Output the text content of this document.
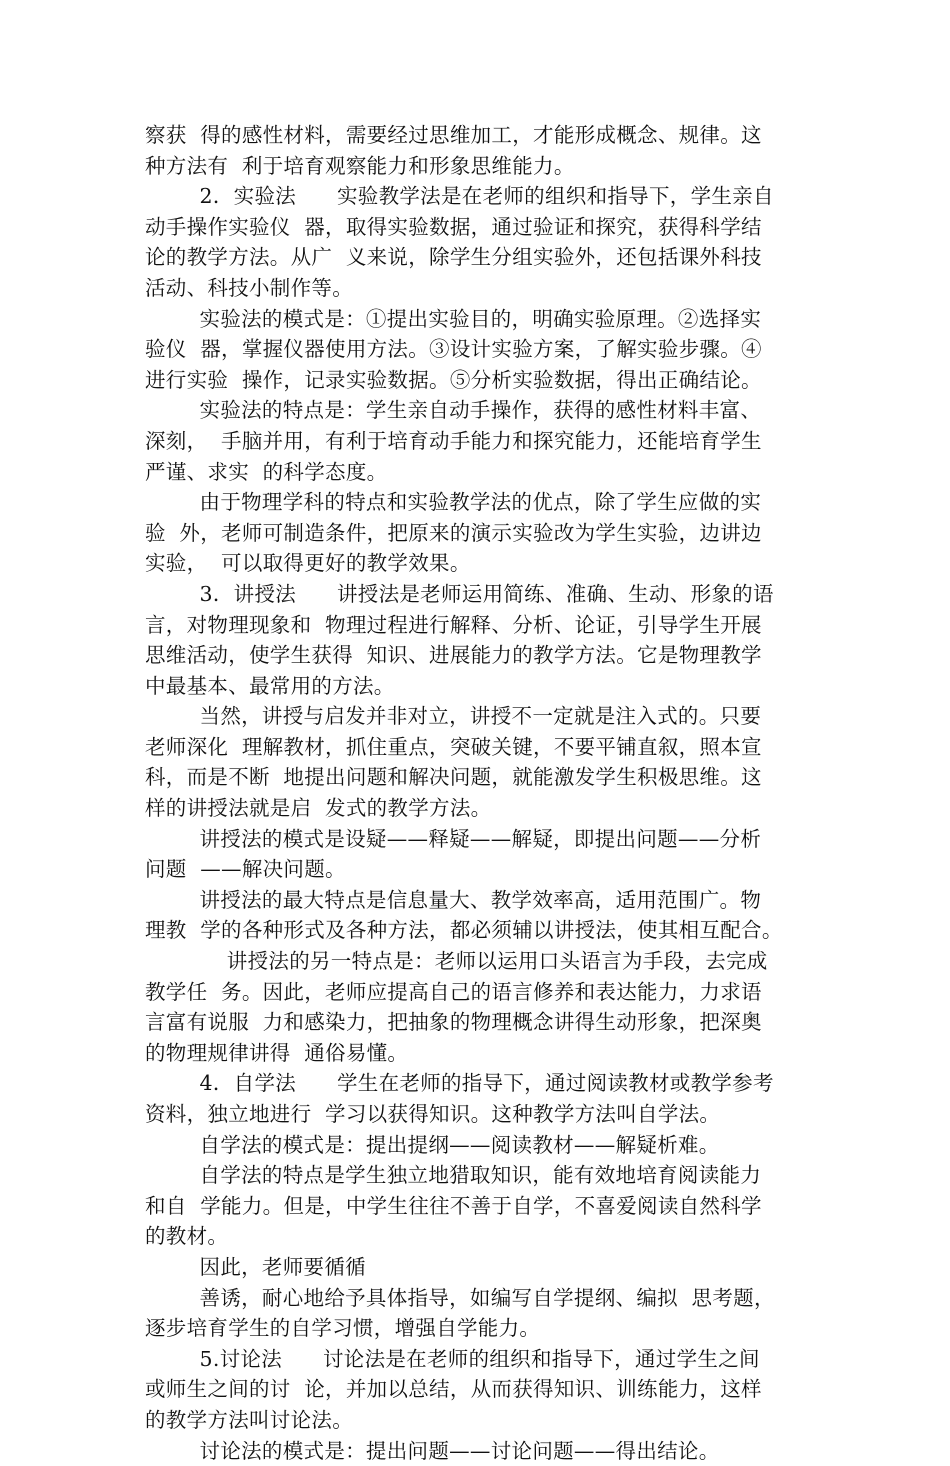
察获  得的感性材料，需要经过思维加工，才能形成概念、规律。这
种方法有  利于培育观察能力和形象思维能力。
2．实验法      实验教学法是在老师的组织和指导下，学生亲自
动手操作实验仪  器，取得实验数据，通过验证和探究，获得科学结
论的教学方法。从广  义来说，除学生分组实验外，还包括课外科技
活动、科技小制作等。
实验法的模式是：①提出实验目的，明确实验原理。②选择实
验仪  器，掌握仪器使用方法。③设计实验方案，了解实验步骤。④
进行实验  操作，记录实验数据。⑤分析实验数据，得出正确结论。
实验法的特点是：学生亲自动手操作，获得的感性材料丰富、
深刻，  手脑并用，有利于培育动手能力和探究能力，还能培育学生
严谨、求实  的科学态度。
由于物理学科的特点和实验教学法的优点，除了学生应做的实
验  外，老师可制造条件，把原来的演示实验改为学生实验，边讲边
实验，  可以取得更好的教学效果。
3．讲授法      讲授法是老师运用简练、准确、生动、形象的语
言，对物理现象和  物理过程进行解释、分析、论证，引导学生开展
思维活动，使学生获得  知识、进展能力的教学方法。它是物理教学
中最基本、最常用的方法。
当然，讲授与启发并非对立，讲授不一定就是注入式的。只要
老师深化  理解教材，抓住重点，突破关键，不要平铺直叙，照本宣
科，而是不断  地提出问题和解决问题，就能激发学生积极思维。这
样的讲授法就是启  发式的教学方法。
讲授法的模式是设疑——释疑——解疑，即提出问题——分析
问题  ——解决问题。
讲授法的最大特点是信息量大、教学效率高，适用范围广。物
理教  学的各种形式及各种方法，都必须辅以讲授法，使其相互配合。
讲授法的另一特点是：老师以运用口头语言为手段，去完成
教学任  务。因此，老师应提高自己的语言修养和表达能力，力求语
言富有说服  力和感染力，把抽象的物理概念讲得生动形象，把深奥
的物理规律讲得  通俗易懂。
4．自学法      学生在老师的指导下，通过阅读教材或教学参考
资料，独立地进行  学习以获得知识。这种教学方法叫自学法。
自学法的模式是：提出提纲——阅读教材——解疑析难。
自学法的特点是学生独立地猎取知识，能有效地培育阅读能力
和自  学能力。但是，中学生往往不善于自学，不喜爱阅读自然科学
的教材。
因此，老师要循循
善诱，耐心地给予具体指导，如编写自学提纲、编拟  思考题，
逐步培育学生的自学习惯，增强自学能力。
5.讨论法      讨论法是在老师的组织和指导下，通过学生之间
或师生之间的讨  论，并加以总结，从而获得知识、训练能力，这样
的教学方法叫讨论法。
讨论法的模式是：提出问题——讨论问题——得出结论。
